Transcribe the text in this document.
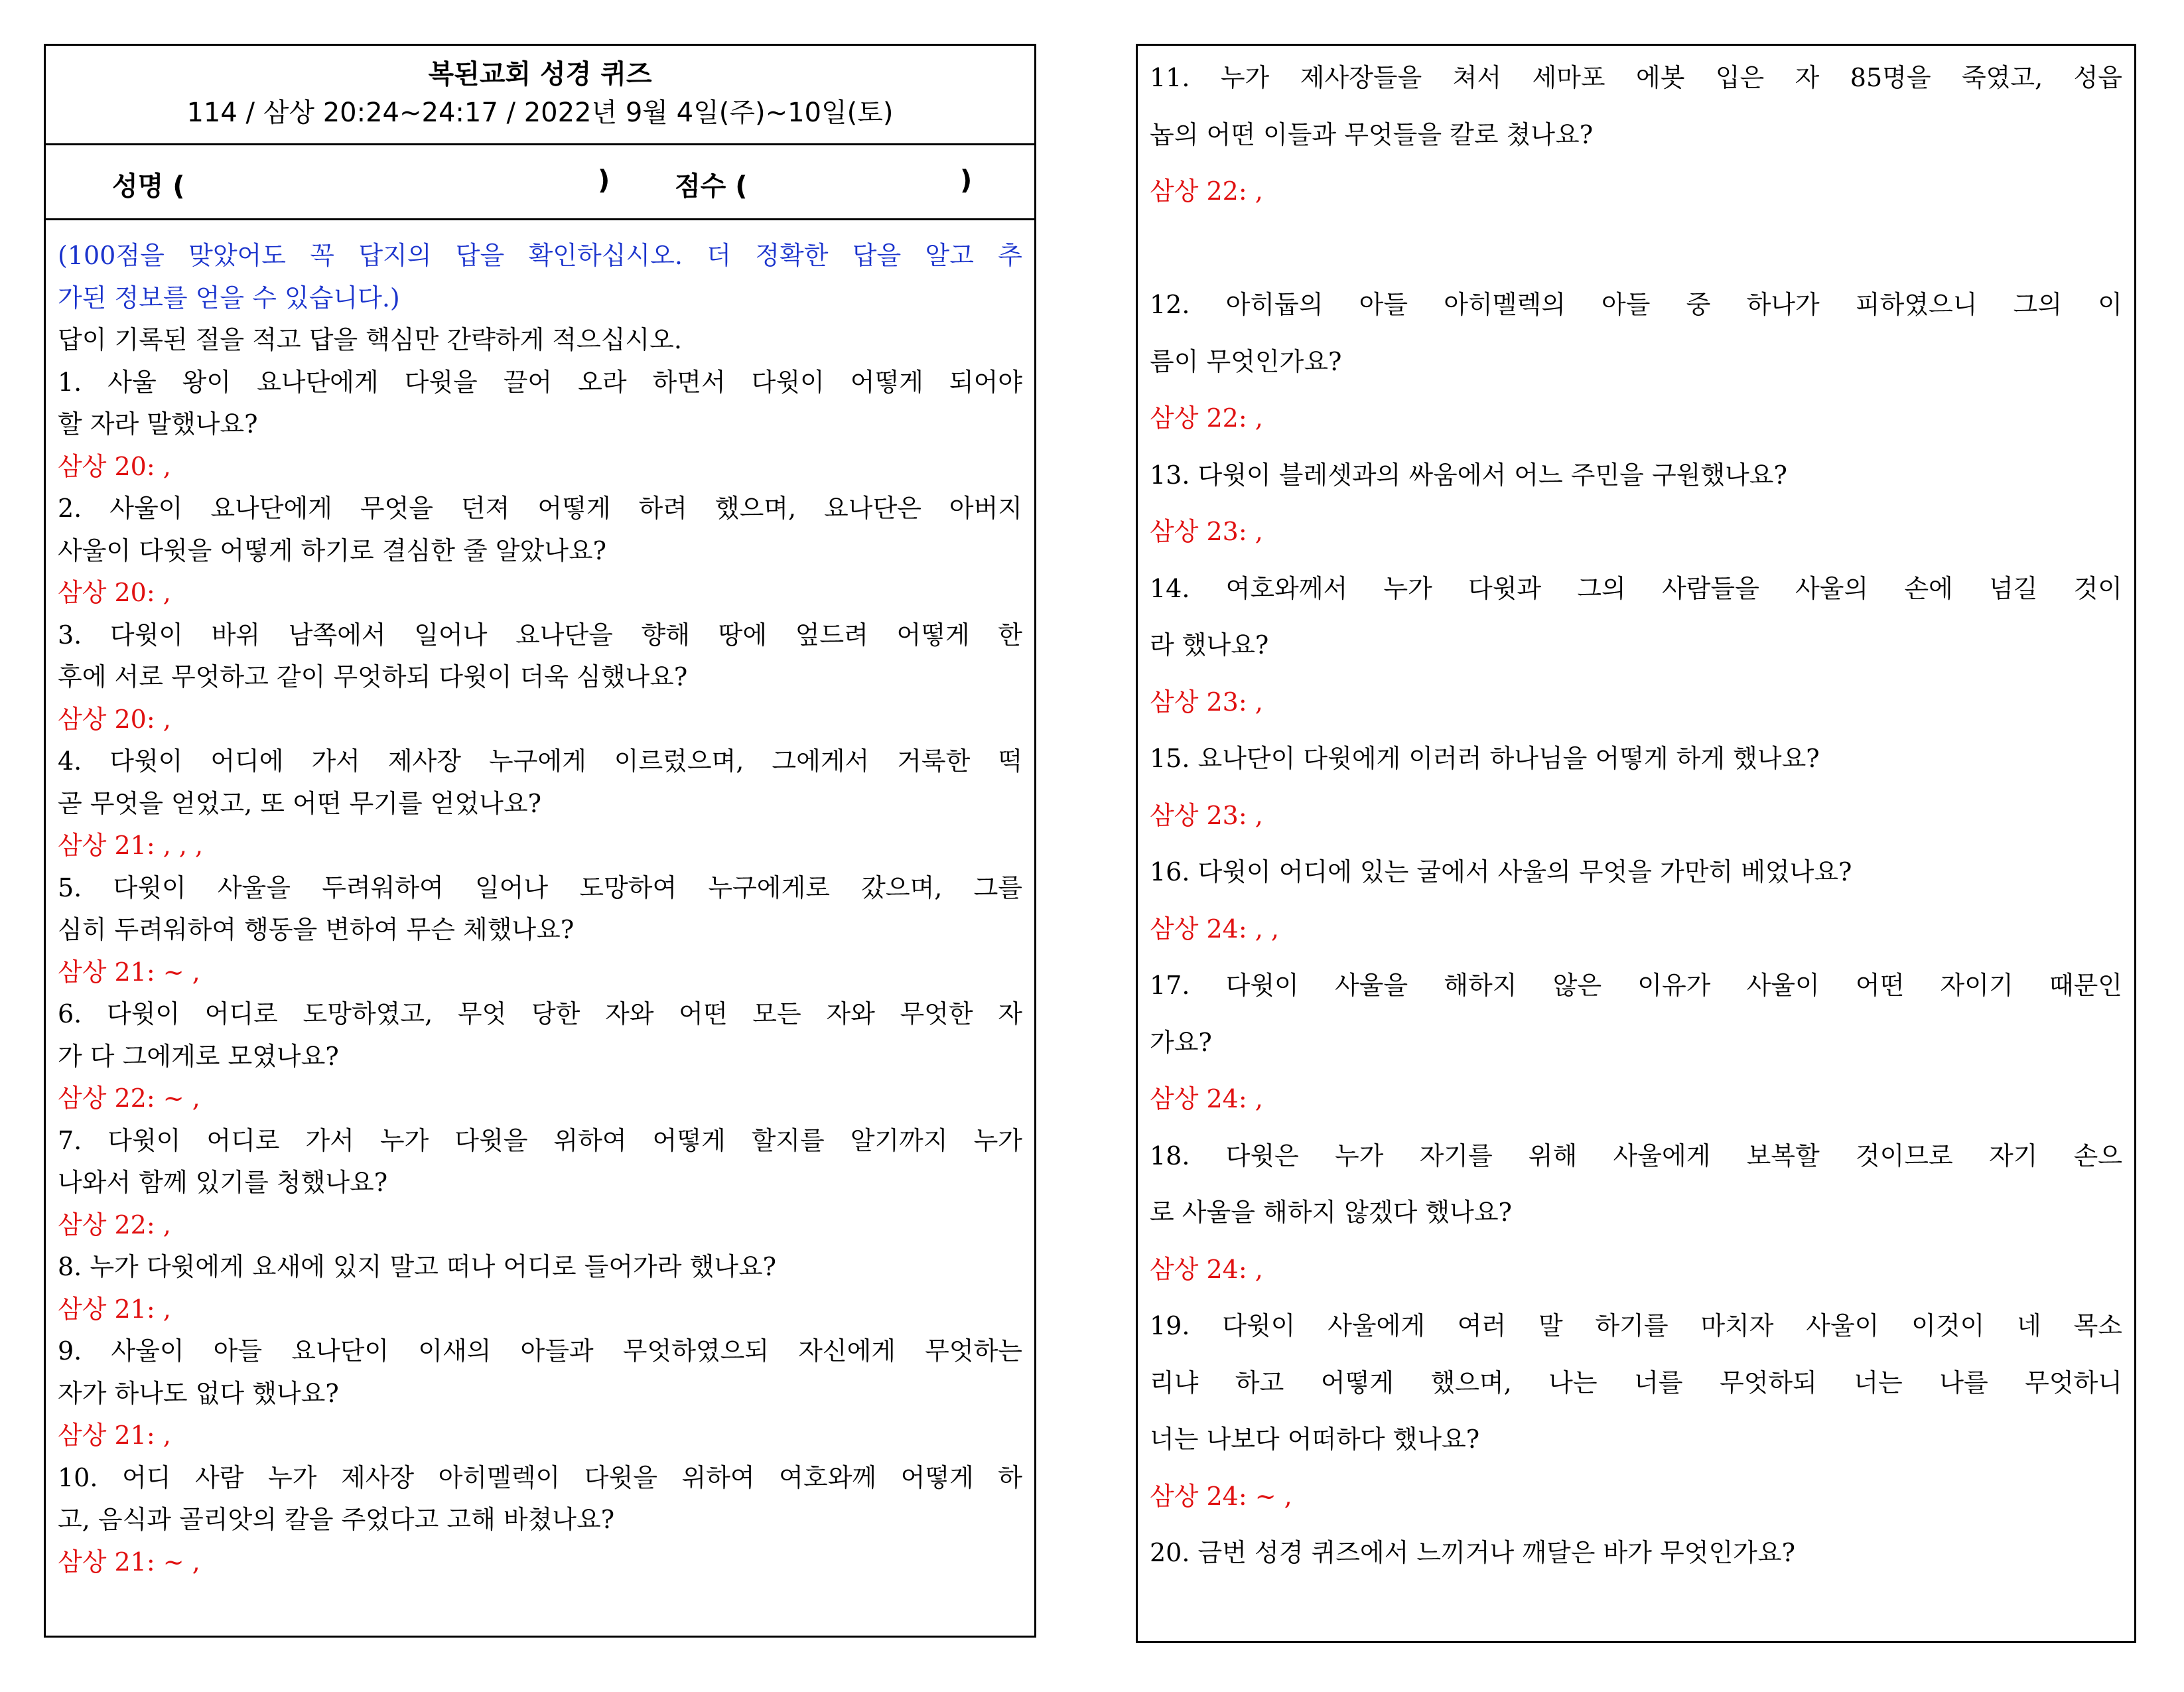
복된교회 성경 퀴즈
114 / 삼상 20:24~24:17 / 2022년 9월 4일(주)~10일(토)
성명 (	) 점수 (	)
(100점을 맞았어도 꼭 답지의 답을 확인하십시오. 더 정확한 답을 알고 추
가된 정보를 얻을 수 있습니다.)
답이 기록된 절을 적고 답을 핵심만 간략하게 적으십시오.
1. 사울 왕이 요나단에게 다윗을 끌어 오라 하면서 다윗이 어떻게 되어야
할 자라 말했나요?
삼상 20: ,
2. 사울이 요나단에게 무엇을 던져 어떻게 하려 했으며, 요나단은 아버지
사울이 다윗을 어떻게 하기로 결심한 줄 알았나요?
삼상 20: ,
3. 다윗이 바위 남쪽에서 일어나 요나단을 향해 땅에 엎드려 어떻게 한
후에 서로 무엇하고 같이 무엇하되 다윗이 더욱 심했나요?
삼상 20: ,
4. 다윗이 어디에 가서 제사장 누구에게 이르렀으며, 그에게서 거룩한 떡
곧 무엇을 얻었고, 또 어떤 무기를 얻었나요?
삼상 21: , , ,
5. 다윗이 사울을 두려워하여 일어나 도망하여 누구에게로 갔으며, 그를
심히 두려워하여 행동을 변하여 무슨 체했나요?
삼상 21: ~ ,
6. 다윗이 어디로 도망하였고, 무엇 당한 자와 어떤 모든 자와 무엇한 자
가 다 그에게로 모였나요?
삼상 22: ~ ,
7. 다윗이 어디로 가서 누가 다윗을 위하여 어떻게 할지를 알기까지 누가
나와서 함께 있기를 청했나요?
삼상 22: ,
8. 누가 다윗에게 요새에 있지 말고 떠나 어디로 들어가라 했나요?
삼상 21: ,
9. 사울이 아들 요나단이 이새의 아들과 무엇하였으되 자신에게 무엇하는
자가 하나도 없다 했나요?
삼상 21: ,
10. 어디 사람 누가 제사장 아히멜렉이 다윗을 위하여 여호와께 어떻게 하
고, 음식과 골리앗의 칼을 주었다고 고해 바쳤나요?
삼상 21: ~ ,
11. 누가 제사장들을 쳐서 세마포 에봇 입은 자 85명을 죽였고, 성읍
놉의 어떤 이들과 무엇들을 칼로 쳤나요?
삼상 22: ,
12. 아히둡의 아들 아히멜렉의 아들 중 하나가 피하였으니 그의 이
름이 무엇인가요?
삼상 22: ,
13. 다윗이 블레셋과의 싸움에서 어느 주민을 구원했나요?
삼상 23: ,
14. 여호와께서 누가 다윗과 그의 사람들을 사울의 손에 넘길 것이
라 했나요?
삼상 23: ,
15. 요나단이 다윗에게 이러러 하나님을 어떻게 하게 했나요?
삼상 23: ,
16. 다윗이 어디에 있는 굴에서 사울의 무엇을 가만히 베었나요?
삼상 24: , ,
17. 다윗이 사울을 해하지 않은 이유가 사울이 어떤 자이기 때문인
가요?
삼상 24: ,
18. 다윗은 누가 자기를 위해 사울에게 보복할 것이므로 자기 손으
로 사울을 해하지 않겠다 했나요?
삼상 24: ,
19. 다윗이 사울에게 여러 말 하기를 마치자 사울이 이것이 네 목소
리냐 하고 어떻게 했으며, 나는 너를 무엇하되 너는 나를 무엇하니
너는 나보다 어떠하다 했나요?
삼상 24: ~ ,
20. 금번 성경 퀴즈에서 느끼거나 깨달은 바가 무엇인가요?
